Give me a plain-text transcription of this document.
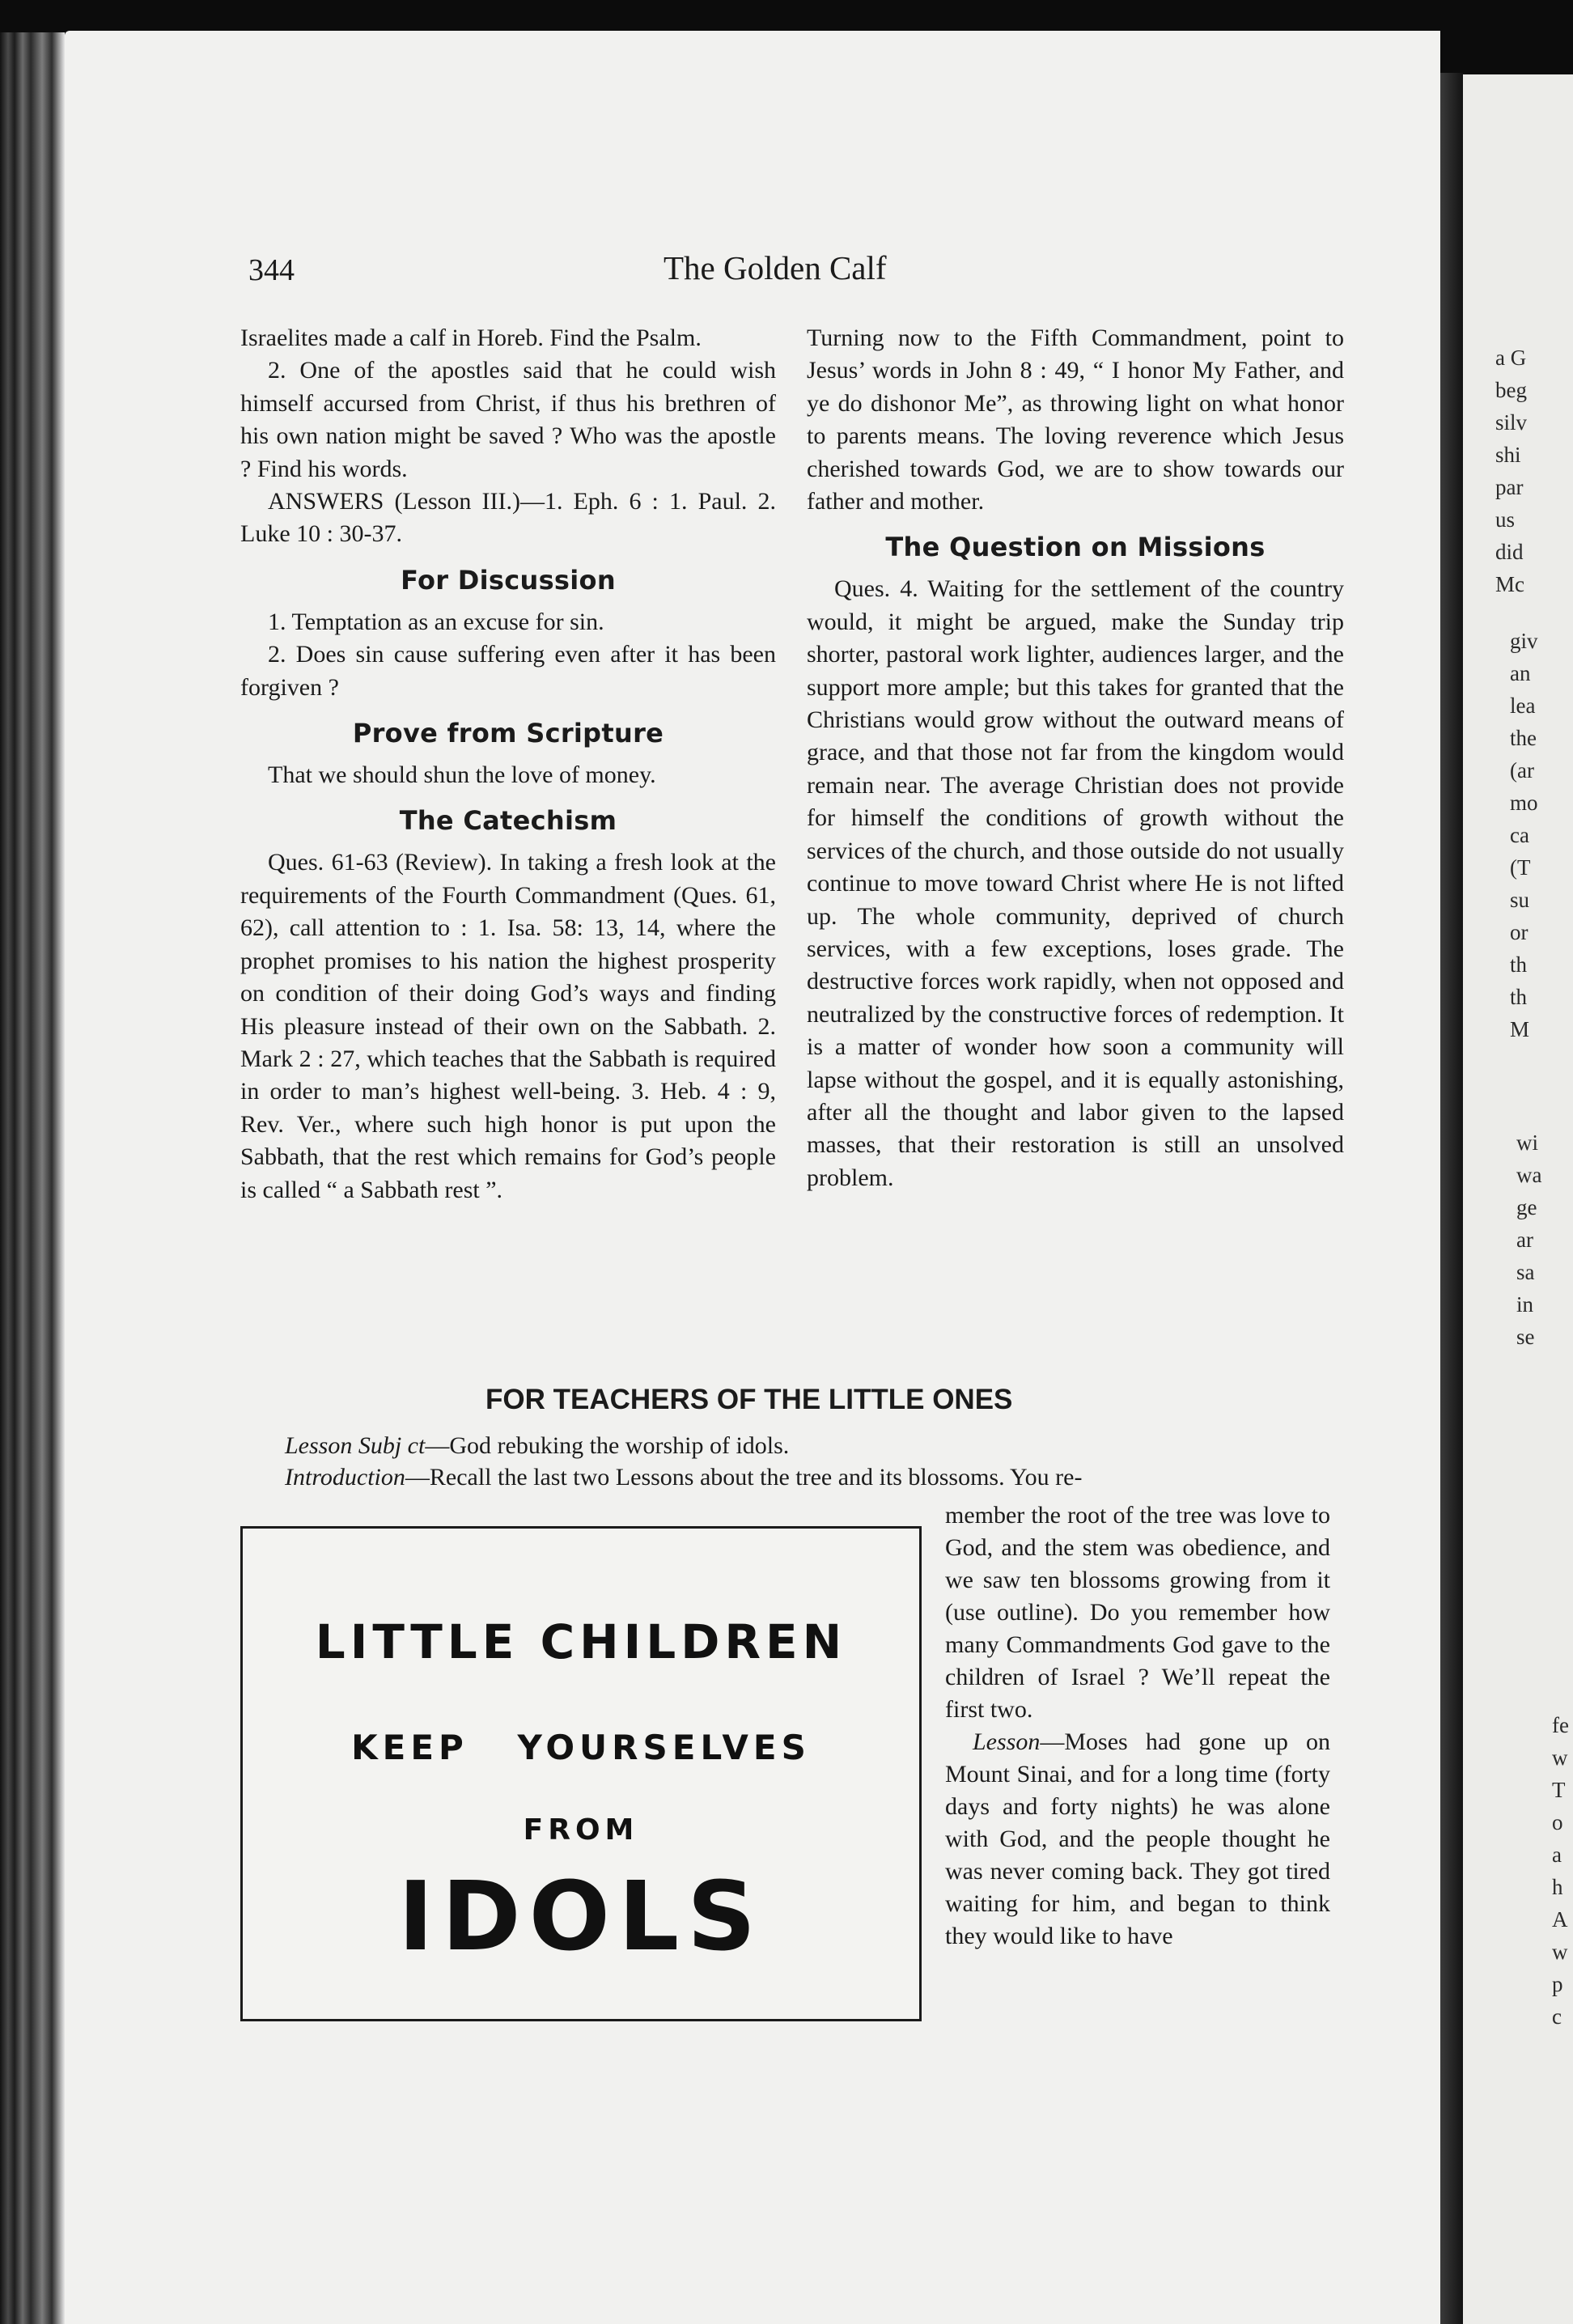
a G
beg
silv
shi
par
us
did
Mc
giv
an
lea
the
(ar
mo
ca
(T
su
or
th
th
M
wi
wa
ge
ar
sa
in
se
fe
w
T
o
a
h
A
w
p
c
344	The Golden Calf

Israelites made a calf in Horeb. Find the Psalm.

2. One of the apostles said that he could wish himself accursed from Christ, if thus his brethren of his own nation might be saved ? Who was the apostle ? Find his words.

ANSWERS (Lesson III.)—1. Eph. 6 : 1. Paul. 2. Luke 10 : 30-37.

For Discussion

1. Temptation as an excuse for sin.

2. Does sin cause suffering even after it has been forgiven ?

Prove from Scripture

That we should shun the love of money.

The Catechism

Ques. 61-63 (Review). In taking a fresh look at the requirements of the Fourth Commandment (Ques. 61, 62), call attention to : 1. Isa. 58: 13, 14, where the prophet promises to his nation the highest prosperity on condition of their doing God’s ways and finding His pleasure instead of their own on the Sabbath. 2. Mark 2 : 27, which teaches that the Sabbath is required in order to man’s highest well-being. 3. Heb. 4 : 9, Rev. Ver., where such high honor is put upon the Sabbath, that the rest which remains for God’s people is called “ a Sabbath rest ”.

Turning now to the Fifth Commandment, point to Jesus’ words in John 8 : 49, “ I honor My Father, and ye do dishonor Me”, as throwing light on what honor to parents means. The loving reverence which Jesus cherished towards God, we are to show towards our father and mother.

The Question on Missions

Ques. 4. Waiting for the settlement of the country would, it might be argued, make the Sunday trip shorter, pastoral work lighter, audiences larger, and the support more ample; but this takes for granted that the Christians would grow without the outward means of grace, and that those not far from the kingdom would remain near. The average Christian does not provide for himself the conditions of growth without the services of the church, and those outside do not usually continue to move toward Christ where He is not lifted up. The whole community, deprived of church services, with a few exceptions, loses grade. The destructive forces work rapidly, when not opposed and neutralized by the constructive forces of redemption. It is a matter of wonder how soon a community will lapse without the gospel, and it is equally astonishing, after all the thought and labor given to the lapsed masses, that their restoration is still an unsolved problem.

FOR TEACHERS OF THE LITTLE ONES
Lesson Subj ct—God rebuking the worship of idols.
Introduction—Recall the last two Lessons about the tree and its blossoms. You re-
LITTLE CHILDREN
KEEP YOURSELVES
FROM
IDOLS

member the root of the tree was love to God, and the stem was obedience, and we saw ten blossoms growing from it (use outline). Do you remember how many Commandments God gave to the children of Israel ? We’ll repeat the first two.

Lesson—Moses had gone up on Mount Sinai, and for a long time (forty days and forty nights) he was alone with God, and the people thought he was never coming back. They got tired waiting for him, and began to think they would like to have
